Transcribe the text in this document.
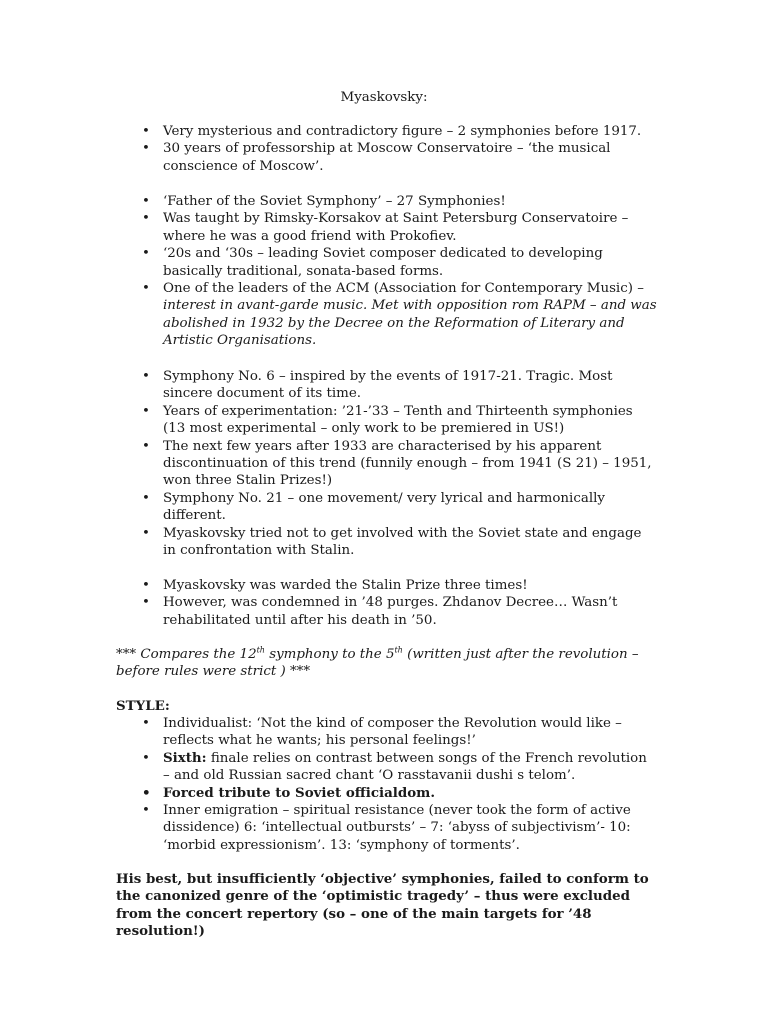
Myaskovsky:
• Very mysterious and contradictory figure – 2 symphonies before 1917.
• 30 years of professorship at Moscow Conservatoire – ‘the musical conscience of Moscow’.
• ‘Father of the Soviet Symphony’ – 27 Symphonies!
• Was taught by Rimsky-Korsakov at Saint Petersburg Conservatoire – where he was a good friend with Prokofiev.
• ‘20s and ‘30s – leading Soviet composer dedicated to developing basically traditional, sonata-based forms.
• One of the leaders of the ACM (Association for Contemporary Music) – interest in avant-garde music. Met with opposition rom RAPM – and was abolished in 1932 by the Decree on the Reformation of Literary and Artistic Organisations.
• Symphony No. 6 – inspired by the events of 1917-21. Tragic. Most sincere document of its time.
• Years of experimentation: ’21-’33 – Tenth and Thirteenth symphonies (13 most experimental – only work to be premiered in US!)
• The next few years after 1933 are characterised by his apparent discontinuation of this trend (funnily enough – from 1941 (S 21) – 1951, won three Stalin Prizes!)
• Symphony No. 21 – one movement/ very lyrical and harmonically different.
• Myaskovsky tried not to get involved with the Soviet state and engage in confrontation with Stalin.
• Myaskovsky was warded the Stalin Prize three times!
• However, was condemned in ’48 purges. Zhdanov Decree… Wasn’t rehabilitated until after his death in ’50.
*** Compares the 12th symphony to the 5th (written just after the revolution – before rules were strict ) ***
STYLE:
• Individualist: ‘Not the kind of composer the Revolution would like – reflects what he wants; his personal feelings!’
• Sixth: finale relies on contrast between songs of the French revolution – and old Russian sacred chant ‘O rasstavanii dushi s telom’.
• Forced tribute to Soviet officialdom.
• Inner emigration – spiritual resistance (never took the form of active dissidence) 6: ‘intellectual outbursts’ – 7: ‘abyss of subjectivism’- 10: ‘morbid expressionism’. 13: ‘symphony of torments’.
His best, but insufficiently ‘objective’ symphonies, failed to conform to the canonized genre of the ‘optimistic tragedy’ – thus were excluded from the concert repertory (so – one of the main targets for ’48 resolution!)
